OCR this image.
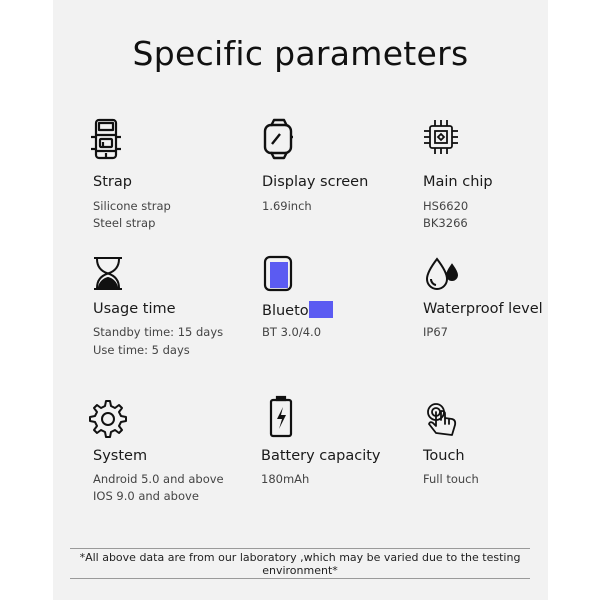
Specific parameters
Strap
Silicone strap
Steel strap
Display screen
1.69inch
Main chip
HS6620
BK3266
Usage time
Standby time: 15 days
Use time: 5 days
Blueto
BT 3.0/4.0
Waterproof level
IP67
System
Android 5.0 and above
IOS 9.0 and above
Battery capacity
180mAh
Touch
Full touch
*All above data are from our laboratory ,which may be varied due to the testing environment*
